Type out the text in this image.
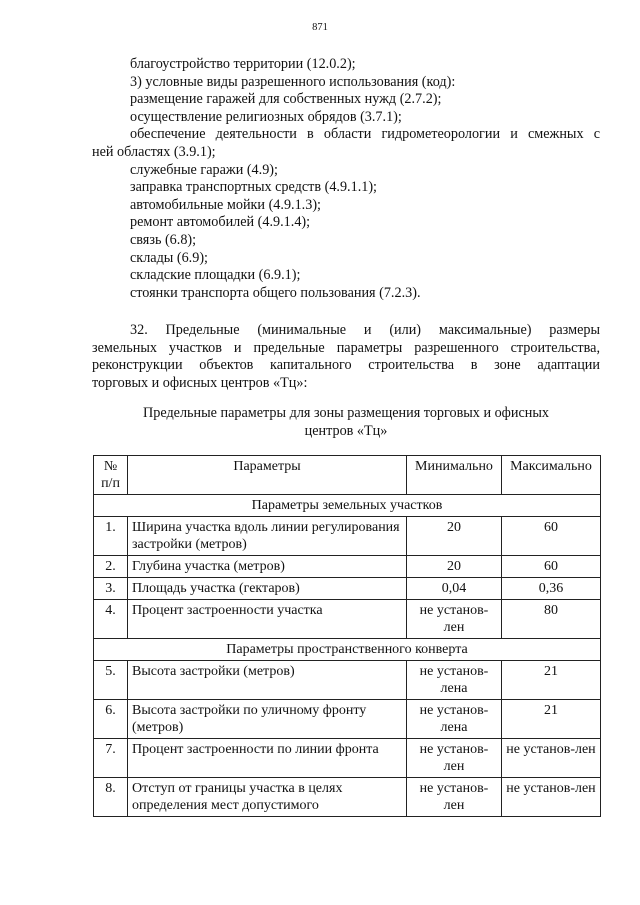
871
благоустройство территории (12.0.2);
3) условные виды разрешенного использования (код):
размещение гаражей для собственных нужд (2.7.2);
осуществление религиозных обрядов (3.7.1);
обеспечение деятельности в области гидрометеорологии и смежных с
ней областях (3.9.1);
служебные гаражи (4.9);
заправка транспортных средств (4.9.1.1);
автомобильные мойки (4.9.1.3);
ремонт автомобилей (4.9.1.4);
связь (6.8);
склады (6.9);
складские площадки (6.9.1);
стоянки транспорта общего пользования (7.2.3).
32. Предельные (минимальные и (или) максимальные) размеры
земельных участков и предельные параметры разрешенного строительства,
реконструкции объектов капитального строительства в зоне адаптации
торговых и офисных центров «Тц»:
Предельные параметры для зоны размещения торговых и офисных
центров «Тц»
№
п/п	Параметры	Минимально	Максимально
Параметры земельных участков			
1.	Ширина участка вдоль линии регулирования застройки (метров)	20	60
2.	Глубина участка (метров)	20	60
3.	Площадь участка (гектаров)	0,04	0,36
4.	Процент застроенности участка	не установ-лен	80
Параметры пространственного конверта			
5.	Высота застройки (метров)	не установ-лена	21
6.	Высота застройки по уличному фронту (метров)	не установ-лена	21
7.	Процент застроенности по линии фронта	не установ-лен	не установ-лен
8.	Отступ от границы участка в целях определения мест допустимого	не установ-лен	не установ-лен
